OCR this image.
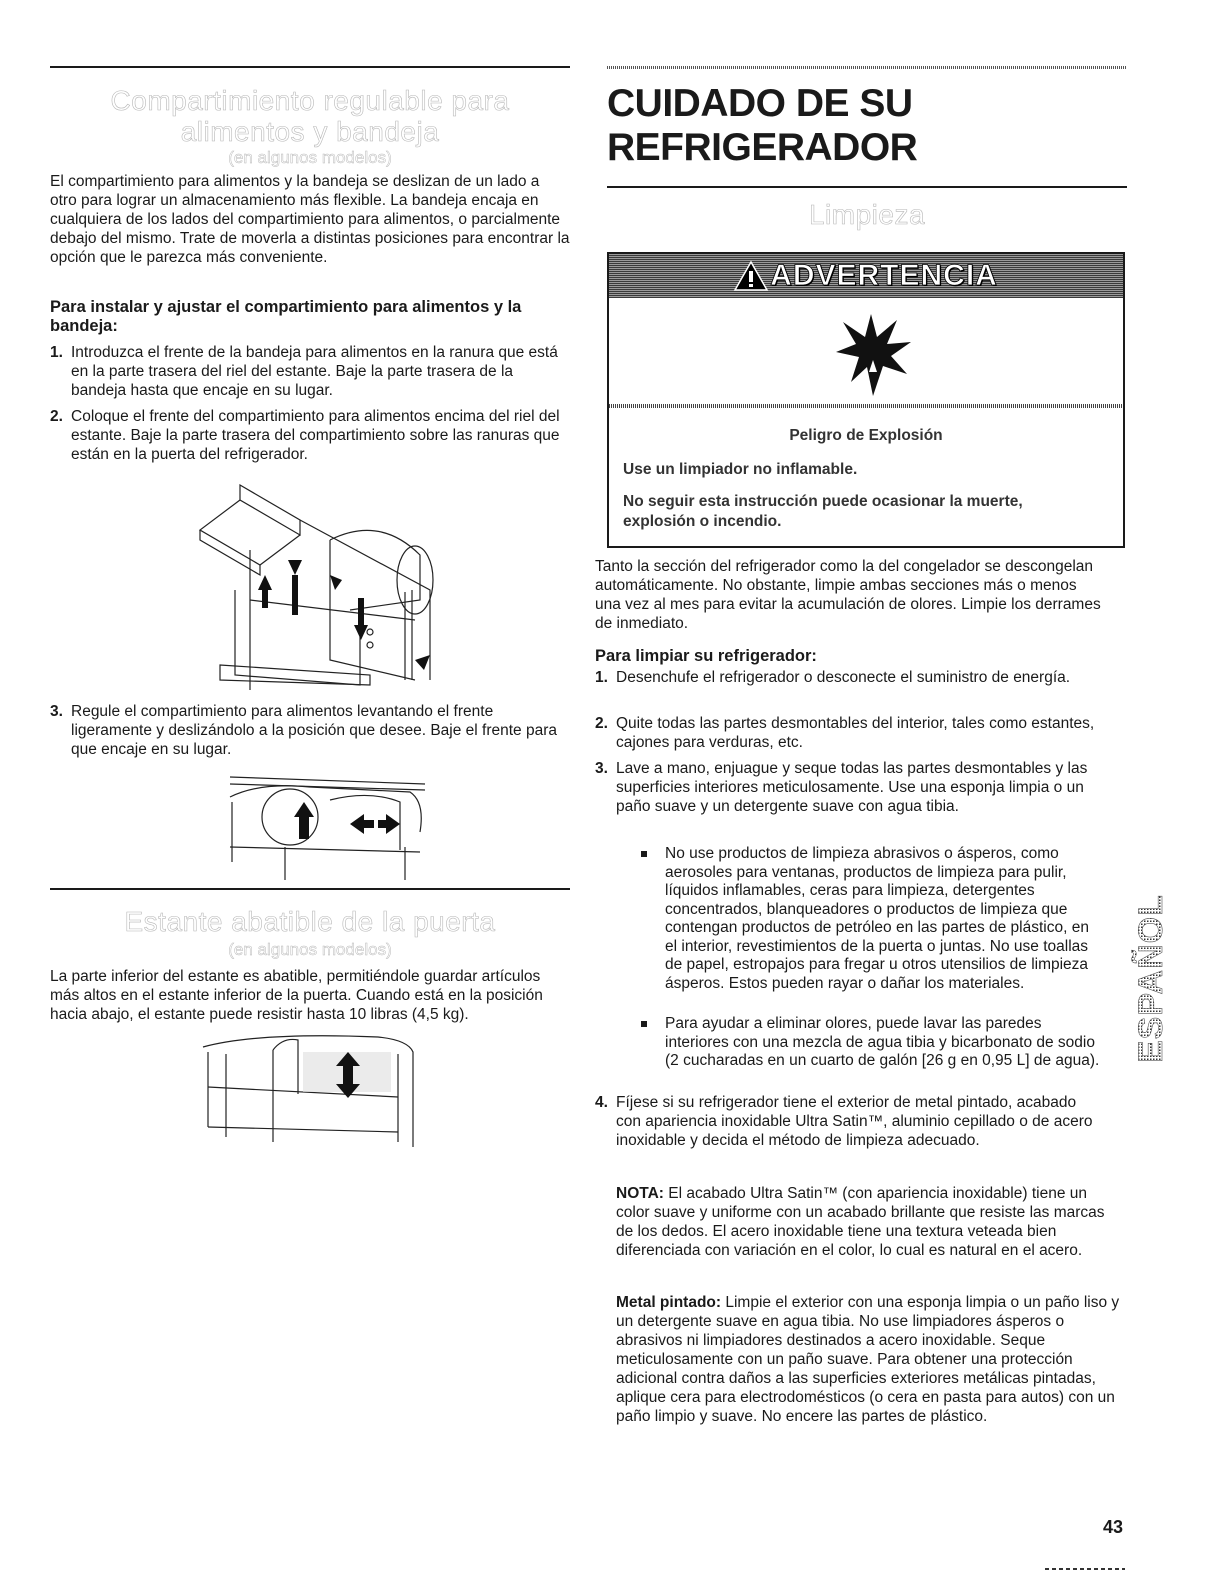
Compartimiento regulable para
alimentos y bandeja
(en algunos modelos)

El compartimiento para alimentos y la bandeja se deslizan de un lado a otro para lograr un almacenamiento más flexible. La bandeja encaja en cualquiera de los lados del compartimiento para alimentos, o parcialmente debajo del mismo. Trate de moverla a distintas posiciones para encontrar la opción que le parezca más conveniente.

Para instalar y ajustar el compartimiento para alimentos y la bandeja:

1. Introduzca el frente de la bandeja para alimentos en la ranura que está en la parte trasera del riel del estante. Baje la parte trasera de la bandeja hasta que encaje en su lugar.
2. Coloque el frente del compartimiento para alimentos encima del riel del estante. Baje la parte trasera del compartimiento sobre las ranuras que están en la puerta del refrigerador.
3. Regule el compartimiento para alimentos levantando el frente ligeramente y deslizándolo a la posición que desee. Baje el frente para que encaje en su lugar.
Estante abatible de la puerta
(en algunos modelos)

La parte inferior del estante es abatible, permitiéndole guardar artículos más altos en el estante inferior de la puerta. Cuando está en la posición hacia abajo, el estante puede resistir hasta 10 libras (4,5 kg).

CUIDADO DE SU
REFRIGERADOR
Limpieza
ADVERTENCIA
Peligro de Explosión
Use un limpiador no inflamable.
No seguir esta instrucción puede ocasionar la muerte,
explosión o incendio.

Tanto la sección del refrigerador como la del congelador se descongelan automáticamente. No obstante, limpie ambas secciones más o menos una vez al mes para evitar la acumulación de olores. Limpie los derrames de inmediato.

Para limpiar su refrigerador:

1. Desenchufe el refrigerador o desconecte el suministro de energía.
2. Quite todas las partes desmontables del interior, tales como estantes, cajones para verduras, etc.
3. Lave a mano, enjuague y seque todas las partes desmontables y las superficies interiores meticulosamente. Use una esponja limpia o un paño suave y un detergente suave con agua tibia.
No use productos de limpieza abrasivos o ásperos, como aerosoles para ventanas, productos de limpieza para pulir, líquidos inflamables, ceras para limpieza, detergentes concentrados, blanqueadores o productos de limpieza que contengan productos de petróleo en las partes de plástico, en el interior, revestimientos de la puerta o juntas. No use toallas de papel, estropajos para fregar u otros utensilios de limpieza ásperos. Estos pueden rayar o dañar los materiales.
Para ayudar a eliminar olores, puede lavar las paredes interiores con una mezcla de agua tibia y bicarbonato de sodio (2 cucharadas en un cuarto de galón [26 g en 0,95 L] de agua).
4. Fíjese si su refrigerador tiene el exterior de metal pintado, acabado con apariencia inoxidable Ultra Satin™, aluminio cepillado o de acero inoxidable y decida el método de limpieza adecuado.

NOTA: El acabado Ultra Satin™ (con apariencia inoxidable) tiene un color suave y uniforme con un acabado brillante que resiste las marcas de los dedos. El acero inoxidable tiene una textura veteada bien diferenciada con variación en el color, lo cual es natural en el acero.

Metal pintado: Limpie el exterior con una esponja limpia o un paño liso y un detergente suave en agua tibia. No use limpiadores ásperos o abrasivos ni limpiadores destinados a acero inoxidable. Seque meticulosamente con un paño suave. Para obtener una protección adicional contra daños a las superficies exteriores metálicas pintadas, aplique cera para electrodomésticos (o cera en pasta para autos) con un paño limpio y suave. No encere las partes de plástico.

43
ESPAÑOL
